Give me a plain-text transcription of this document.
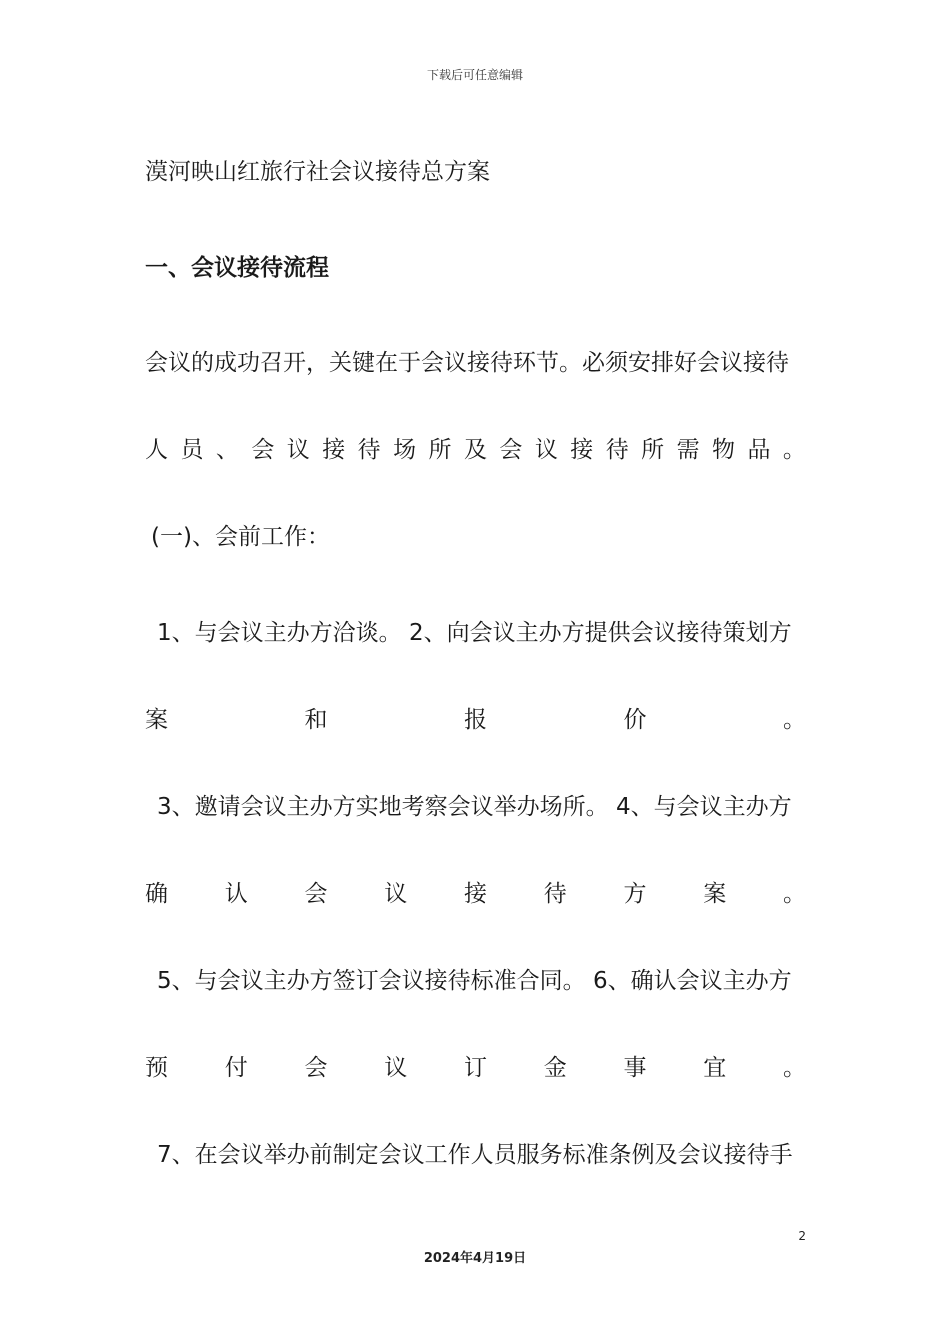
下载后可任意编辑
漠河映山红旅行社会议接待总方案
一、会议接待流程
会议的成功召开，关键在于会议接待环节。必须安排好会议接待
人 员 、 会 议 接 待 场 所 及 会 议 接 待 所 需 物 品 。
(一)、会前工作：
1、与会议主办方洽谈。 2、向会议主办方提供会议接待策划方
案	和	报	价	。
3、邀请会议主办方实地考察会议举办场所。 4、与会议主办方
确 认 会 议 接 待 方 案 。
5、与会议主办方签订会议接待标准合同。 6、确认会议主办方
预 付 会 议 订 金 事 宜 。
7、在会议举办前制定会议工作人员服务标准条例及会议接待手
2
2024年4月19日
